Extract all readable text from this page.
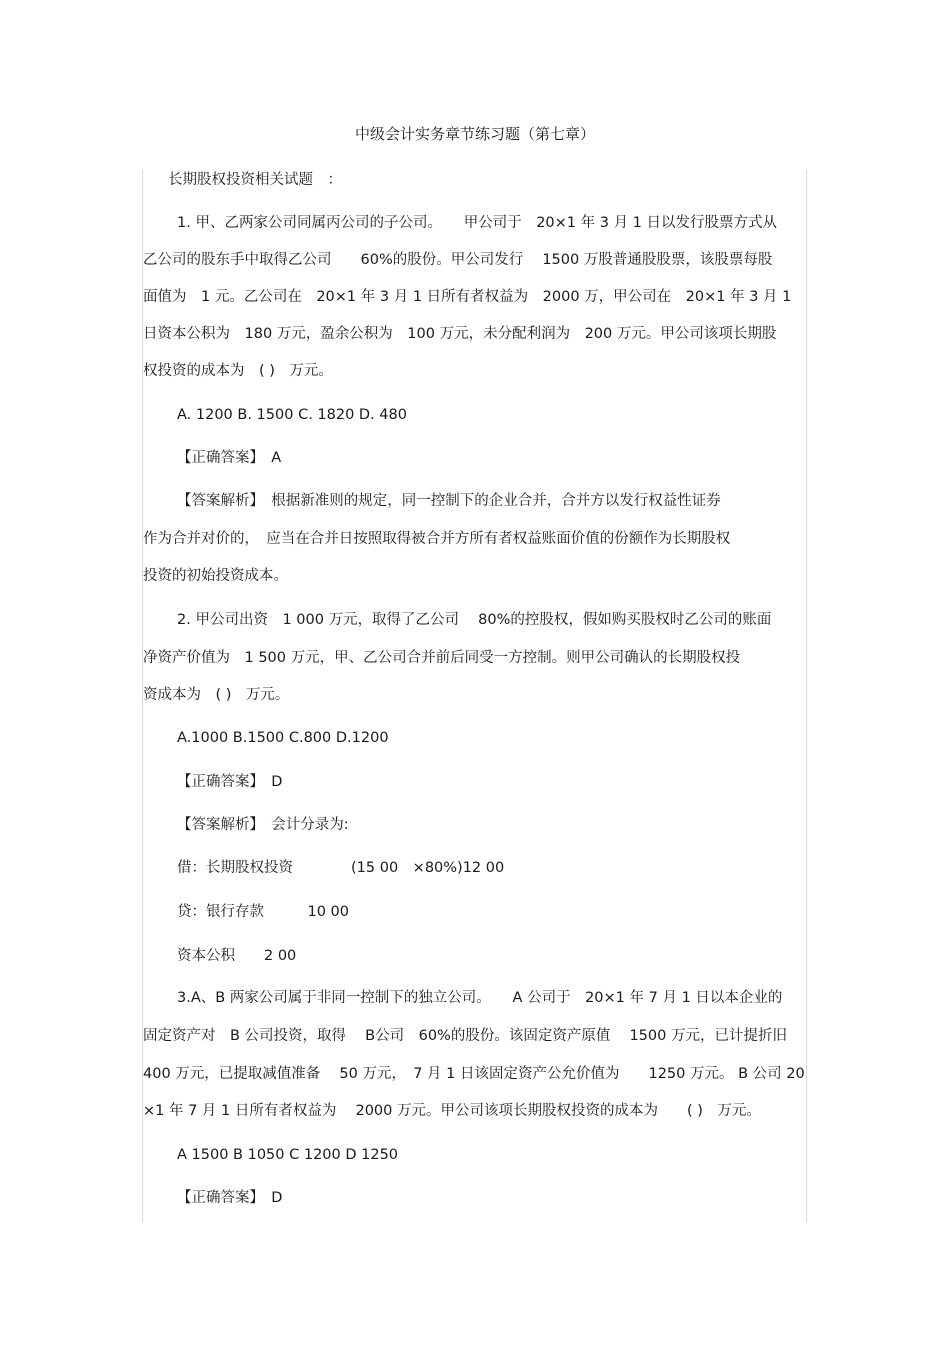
中级会计实务章节练习题（第七章）
长期股权投资相关试题　：
1. 甲、乙两家公司同属丙公司的子公司。　　甲公司于　20×1 年 3 月 1 日以发行股票方式从
乙公司的股东手中取得乙公司　　60%的股份。甲公司发行　 1500 万股普通股股票，该股票每股
面值为　1 元。乙公司在　20×1 年 3 月 1 日所有者权益为　2000 万，甲公司在　20×1 年 3 月 1
日资本公积为　180 万元，盈余公积为　100 万元，未分配利润为　200 万元。甲公司该项长期股
权投资的成本为　( )　万元。
A. 1200 B. 1500 C. 1820 D. 480
【正确答案】　A
【答案解析】　根据新准则的规定，同一控制下的企业合并，合并方以发行权益性证券
作为合并对价的，　应当在合并日按照取得被合并方所有者权益账面价值的份额作为长期股权
投资的初始投资成本。
2. 甲公司出资　1 000 万元，取得了乙公司　 80%的控股权，假如购买股权时乙公司的账面
净资产价值为　1 500 万元，甲、乙公司合并前后同受一方控制。则甲公司确认的长期股权投
资成本为　( )　万元。
A.1000 B.1500 C.800 D.1200
【正确答案】　D
【答案解析】　会计分录为:
借：长期股权投资　　　　(15 00　×80%)12 00
贷：银行存款　　　10 00
资本公积　　2 00
3.A、B 两家公司属于非同一控制下的独立公司。　　A 公司于　20×1 年 7 月 1 日以本企业的
固定资产对　B 公司投资，取得　 B公司　60%的股份。该固定资产原值　 1500 万元，已计提折旧
400 万元，已提取减值准备　 50 万元，　7 月 1 日该固定资产公允价值为　　1250 万元。 B 公司 20
×1 年 7 月 1 日所有者权益为　 2000 万元。甲公司该项长期股权投资的成本为　　( )　万元。
A 1500 B 1050 C 1200 D 1250
【正确答案】　D
